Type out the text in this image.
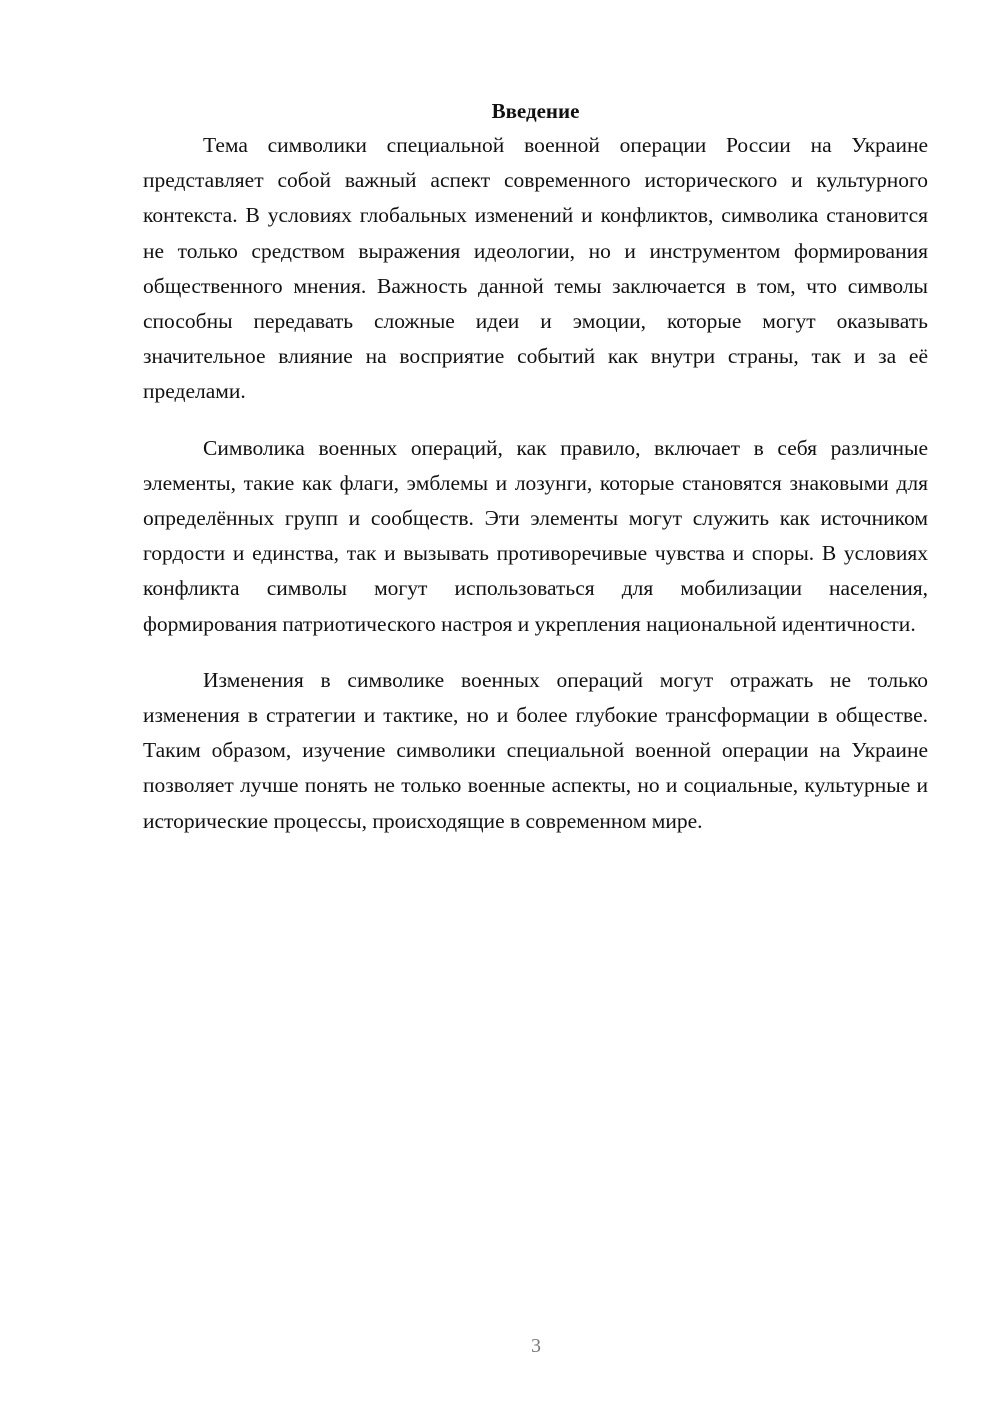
Введение

Тема символики специальной военной операции России на Украине представляет собой важный аспект современного исторического и культурного контекста. В условиях глобальных изменений и конфликтов, символика становится не только средством выражения идеологии, но и инструментом формирования общественного мнения. Важность данной темы заключается в том, что символы способны передавать сложные идеи и эмоции, которые могут оказывать значительное влияние на восприятие событий как внутри страны, так и за её пределами.

Символика военных операций, как правило, включает в себя различные элементы, такие как флаги, эмблемы и лозунги, которые становятся знаковыми для определённых групп и сообществ. Эти элементы могут служить как источником гордости и единства, так и вызывать противоречивые чувства и споры. В условиях конфликта символы могут использоваться для мобилизации населения, формирования патриотического настроя и укрепления национальной идентичности.

Изменения в символике военных операций могут отражать не только изменения в стратегии и тактике, но и более глубокие трансформации в обществе. Таким образом, изучение символики специальной военной операции на Украине позволяет лучше понять не только военные аспекты, но и социальные, культурные и исторические процессы, происходящие в современном мире.

3
